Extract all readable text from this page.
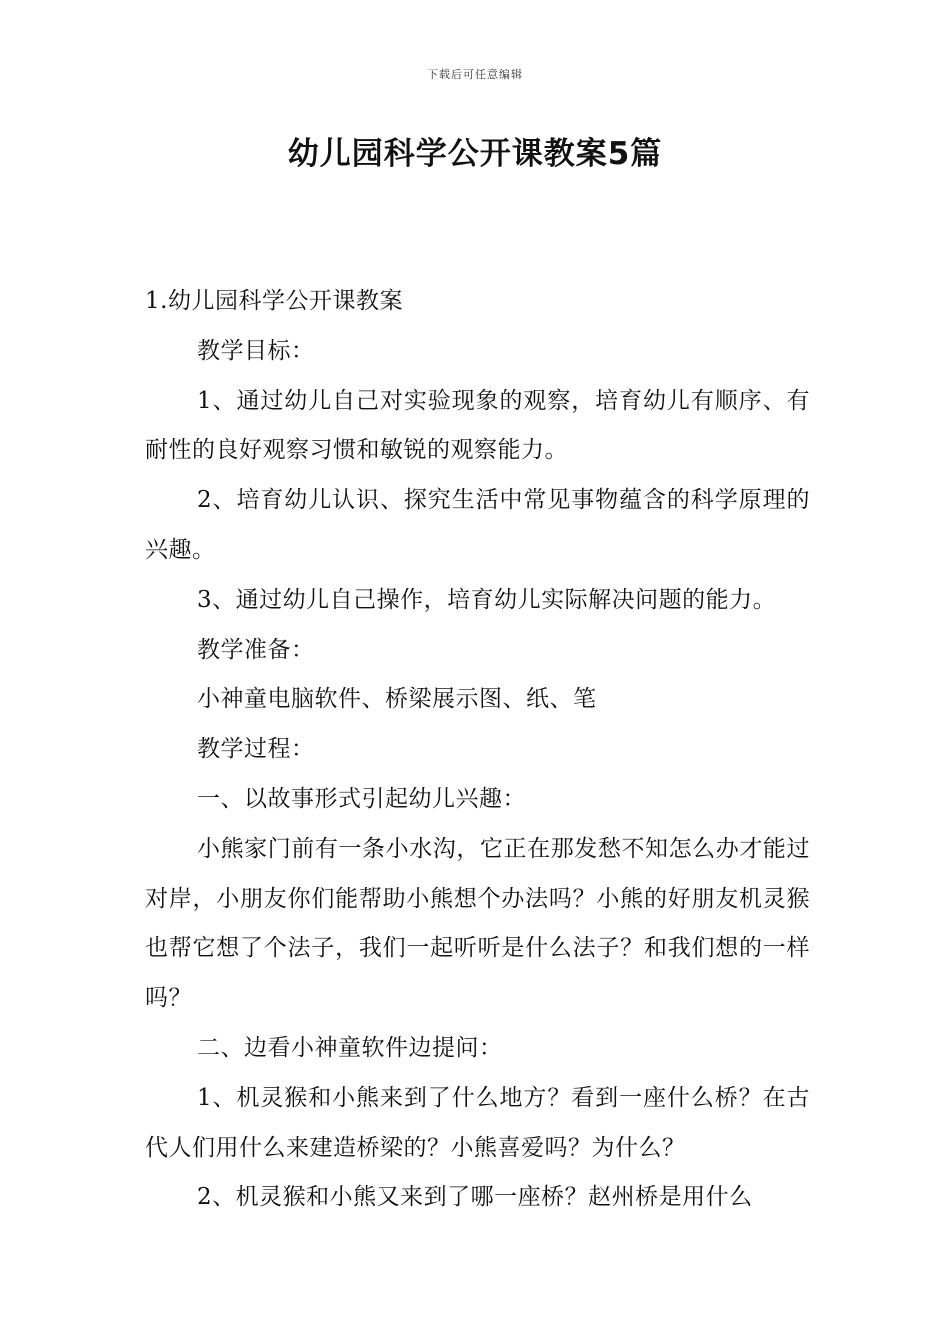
下载后可任意编辑
幼儿园科学公开课教案5篇

1.幼儿园科学公开课教案

教学目标：

1、通过幼儿自己对实验现象的观察，培育幼儿有顺序、有耐性的良好观察习惯和敏锐的观察能力。

2、培育幼儿认识、探究生活中常见事物蕴含的科学原理的兴趣。

3、通过幼儿自己操作，培育幼儿实际解决问题的能力。

教学准备：

小神童电脑软件、桥梁展示图、纸、笔

教学过程：

一、以故事形式引起幼儿兴趣：

小熊家门前有一条小水沟，它正在那发愁不知怎么办才能过对岸，小朋友你们能帮助小熊想个办法吗？小熊的好朋友机灵猴也帮它想了个法子，我们一起听听是什么法子？和我们想的一样吗？

二、边看小神童软件边提问：

1、机灵猴和小熊来到了什么地方？看到一座什么桥？在古代人们用什么来建造桥梁的？小熊喜爱吗？为什么？

2、机灵猴和小熊又来到了哪一座桥？赵州桥是用什么
